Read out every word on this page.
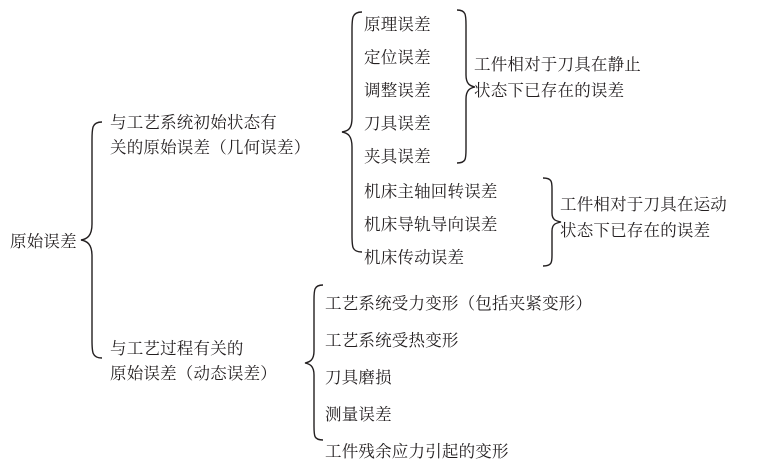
原始误差
与工艺系统初始状态有
关的原始误差（几何误差）
与工艺过程有关的
原始误差（动态误差）
原理误差
定位误差
调整误差
刀具误差
夹具误差
工件相对于刀具在静止
状态下已存在的误差
机床主轴回转误差
机床导轨导向误差
机床传动误差
工件相对于刀具在运动
状态下已存在的误差
工艺系统受力变形（包括夹紧变形）
工艺系统受热变形
刀具磨损
测量误差
工件残余应力引起的变形
